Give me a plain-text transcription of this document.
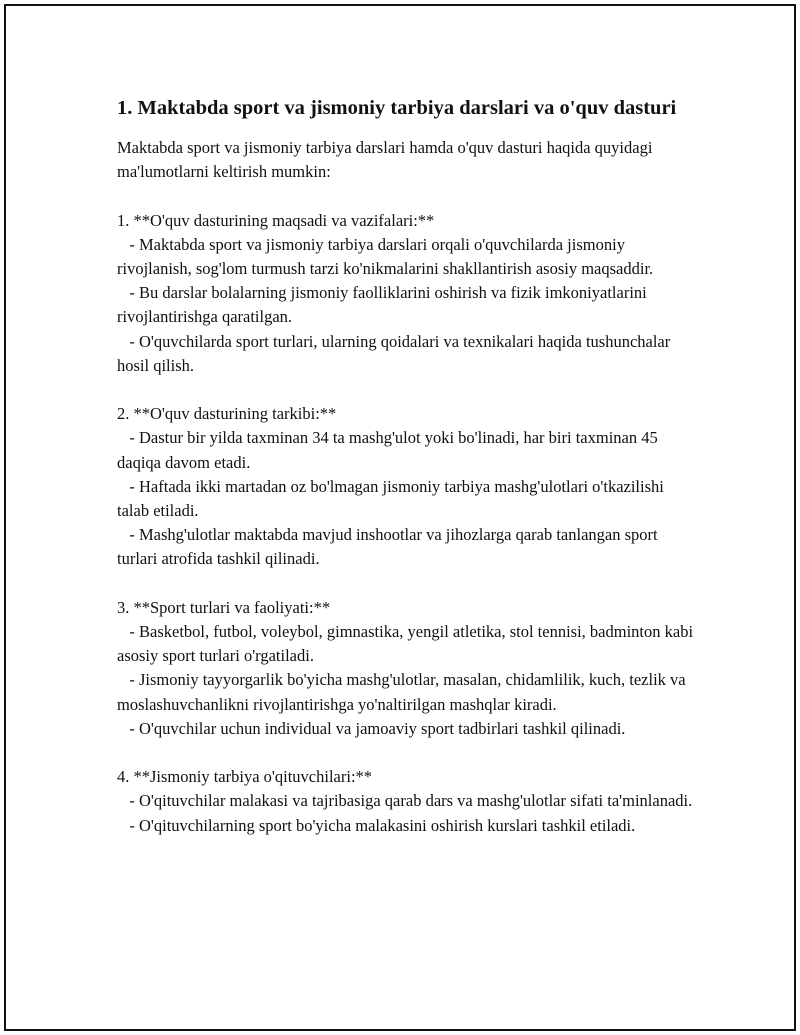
1. Maktabda sport va jismoniy tarbiya darslari va o'quv dasturi

Maktabda sport va jismoniy tarbiya darslari hamda o'quv dasturi haqida quyidagi ma'lumotlarni keltirish mumkin:

1. **O'quv dasturining maqsadi va vazifalari:**

- Maktabda sport va jismoniy tarbiya darslari orqali o'quvchilarda jismoniy rivojlanish, sog'lom turmush tarzi ko'nikmalarini shakllantirish asosiy maqsaddir.

- Bu darslar bolalarning jismoniy faolliklarini oshirish va fizik imkoniyatlarini rivojlantirishga qaratilgan.

- O'quvchilarda sport turlari, ularning qoidalari va texnikalari haqida tushunchalar hosil qilish.

2. **O'quv dasturining tarkibi:**

- Dastur bir yilda taxminan 34 ta mashg'ulot yoki bo'linadi, har biri taxminan 45 daqiqa davom etadi.

- Haftada ikki martadan oz bo'lmagan jismoniy tarbiya mashg'ulotlari o'tkazilishi talab etiladi.

- Mashg'ulotlar maktabda mavjud inshootlar va jihozlarga qarab tanlangan sport turlari atrofida tashkil qilinadi.

3. **Sport turlari va faoliyati:**

- Basketbol, futbol, voleybol, gimnastika, yengil atletika, stol tennisi, badminton kabi asosiy sport turlari o'rgatiladi.

- Jismoniy tayyorgarlik bo'yicha mashg'ulotlar, masalan, chidamlilik, kuch, tezlik va moslashuvchanlikni rivojlantirishga yo'naltirilgan mashqlar kiradi.

- O'quvchilar uchun individual va jamoaviy sport tadbirlari tashkil qilinadi.

4. **Jismoniy tarbiya o'qituvchilari:**

- O'qituvchilar malakasi va tajribasiga qarab dars va mashg'ulotlar sifati ta'minlanadi.

- O'qituvchilarning sport bo'yicha malakasini oshirish kurslari tashkil etiladi.
